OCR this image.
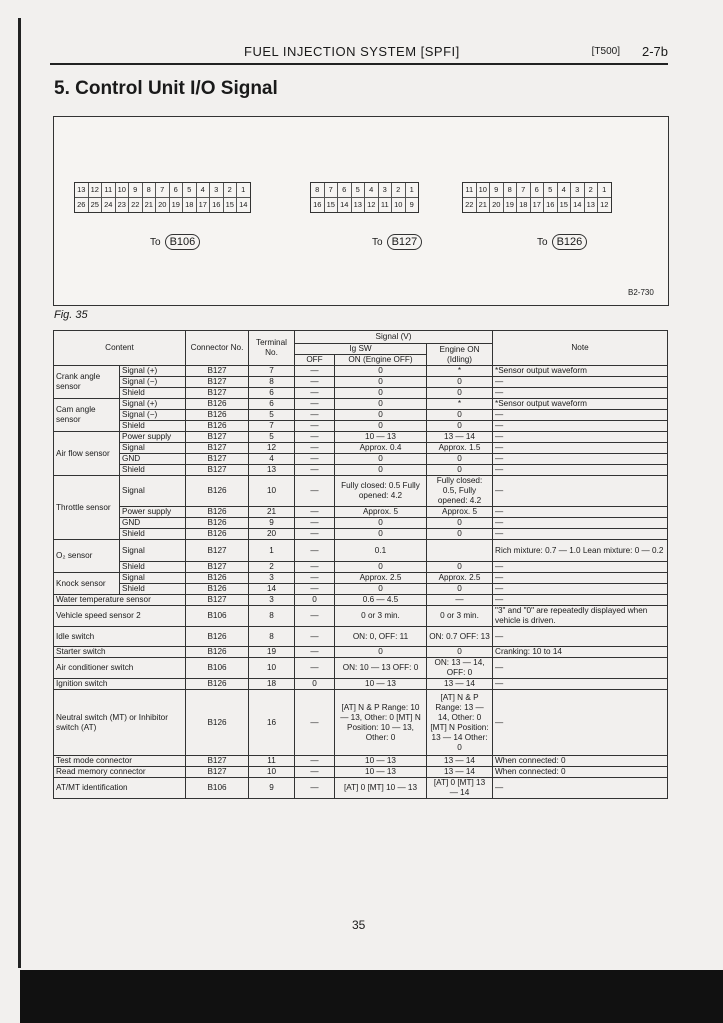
FUEL INJECTION SYSTEM [SPFI]	[T500] 2-7b
5. Control Unit I/O Signal
13 12 11 10 9	8	7	6	5	4	3	2	1
26 25 24 23 22 21 20 19 18 17 16 15 14
To B106
8	7	6	5	4	3	2	1
16 15 14 13 12 11 10 9
To B127
11 10 9	8	7	6	5	4	3	2	1
22 21 20 19 18 17 16 15 14 13 12
To B126
B2-730
Fig. 35
Content		Connector No.	Terminal No.	Signal (V)			Note
				Ig SW		Engine ON (Idling)	
				OFF	ON (Engine OFF)		
Crank angle sensor	Signal (+)	B127	7	—	0	*	*Sensor output waveform
	Signal (−)	B127	8	—	0	0	—
	Shield	B127	6	—	0	0	—
Cam angle sensor	Signal (+)	B126	6	—	0	*	*Sensor output waveform
	Signal (−)	B126	5	—	0	0	—
	Shield	B126	7	—	0	0	—
Air flow sensor	Power supply	B127	5	—	10 — 13	13 — 14	—
	Signal	B127	12	—	Approx. 0.4	Approx. 1.5	—
	GND	B127	4	—	0	0	—
	Shield	B127	13	—	0	0	—
Throttle sensor	Signal	B126	10	—	Fully closed: 0.5 Fully opened: 4.2	Fully closed: 0.5, Fully opened: 4.2	—
	Power supply	B126	21	—	Approx. 5	Approx. 5	—
	GND	B126	9	—	0	0	—
	Shield	B126	20	—	0	0	—
O₂ sensor	Signal	B127	1	—	0.1		Rich mixture: 0.7 — 1.0 Lean mixture: 0 — 0.2
	Shield	B127	2	—	0	0	—
Knock sensor	Signal	B126	3	—	Approx. 2.5	Approx. 2.5	—
	Shield	B126	14	—	0	0	—
Water temperature sensor		B127	3	0	0.6 — 4.5	—	—
Vehicle speed sensor 2		B106	8	—	0 or 3 min.	0 or 3 min.	"3" and "0" are repeatedly displayed when vehicle is driven.
Idle switch		B126	8	—	ON: 0, OFF: 11	ON: 0.7 OFF: 13	—
Starter switch		B126	19	—	0	0	Cranking: 10 to 14
Air conditioner switch		B106	10	—	ON: 10 — 13 OFF: 0	ON: 13 — 14, OFF: 0	—
Ignition switch		B126	18	0	10 — 13	13 — 14	—
Neutral switch (MT) or Inhibitor switch (AT)		B126	16	—	[AT] N & P Range: 10 — 13, Other: 0 [MT] N Position: 10 — 13, Other: 0	[AT] N & P Range: 13 — 14, Other: 0 [MT] N Position: 13 — 14 Other: 0	—
Test mode connector		B127	11	—	10 — 13	13 — 14	When connected: 0
Read memory connector		B127	10	—	10 — 13	13 — 14	When connected: 0
AT/MT identification		B106	9	—	[AT] 0 [MT] 10 — 13	[AT] 0 [MT] 13 — 14	—
35
